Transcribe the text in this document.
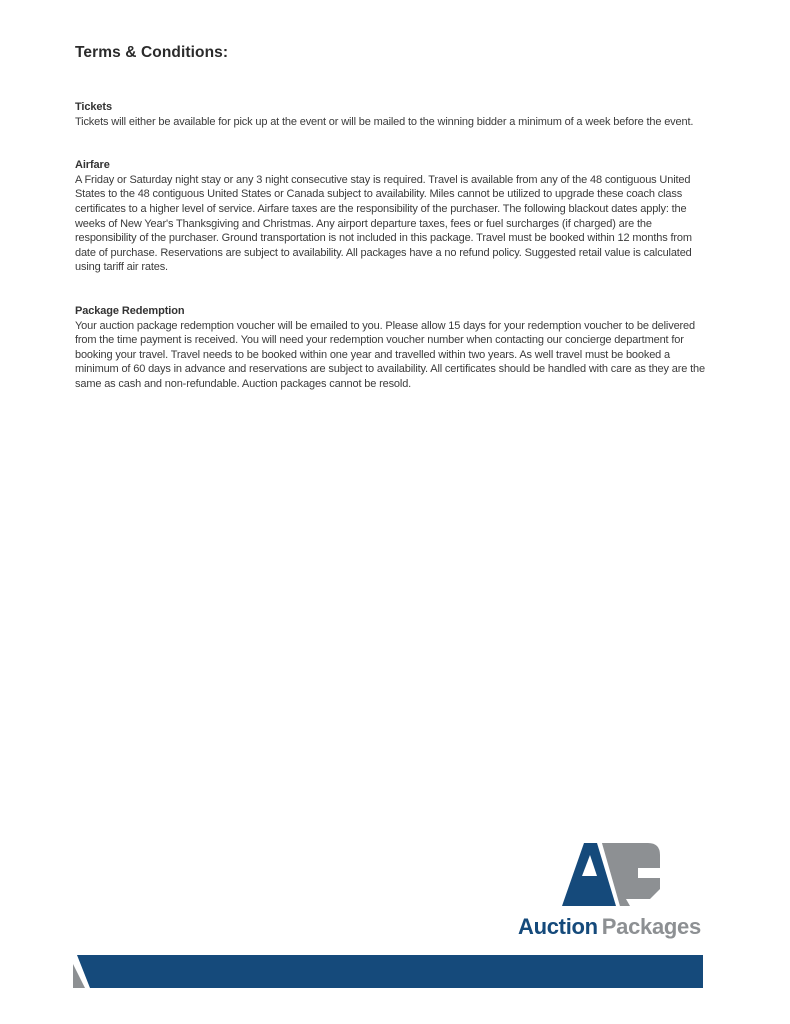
Terms & Conditions:
Tickets

Tickets will either be available for pick up at the event or will be mailed to the winning bidder a minimum of a week before the event.

Airfare

A Friday or Saturday night stay or any 3 night consecutive stay is required. Travel is available from any of the 48 contiguous United States to the 48 contiguous United States or Canada subject to availability. Miles cannot be utilized to upgrade these coach class certificates to a higher level of service. Airfare taxes are the responsibility of the purchaser. The following blackout dates apply: the weeks of New Year's Thanksgiving and Christmas. Any airport departure taxes, fees or fuel surcharges (if charged) are the responsibility of the purchaser. Ground transportation is not included in this package. Travel must be booked within 12 months from date of purchase. Reservations are subject to availability. All packages have a no refund policy. Suggested retail value is calculated using tariff air rates.

Package Redemption

Your auction package redemption voucher will be emailed to you. Please allow 15 days for your redemption voucher to be delivered from the time payment is received. You will need your redemption voucher number when contacting our concierge department for booking your travel. Travel needs to be booked within one year and travelled within two years. As well travel must be booked a minimum of 60 days in advance and reservations are subject to availability. All certificates should be handled with care as they are the same as cash and non-refundable. Auction packages cannot be resold.

Auction Packages
